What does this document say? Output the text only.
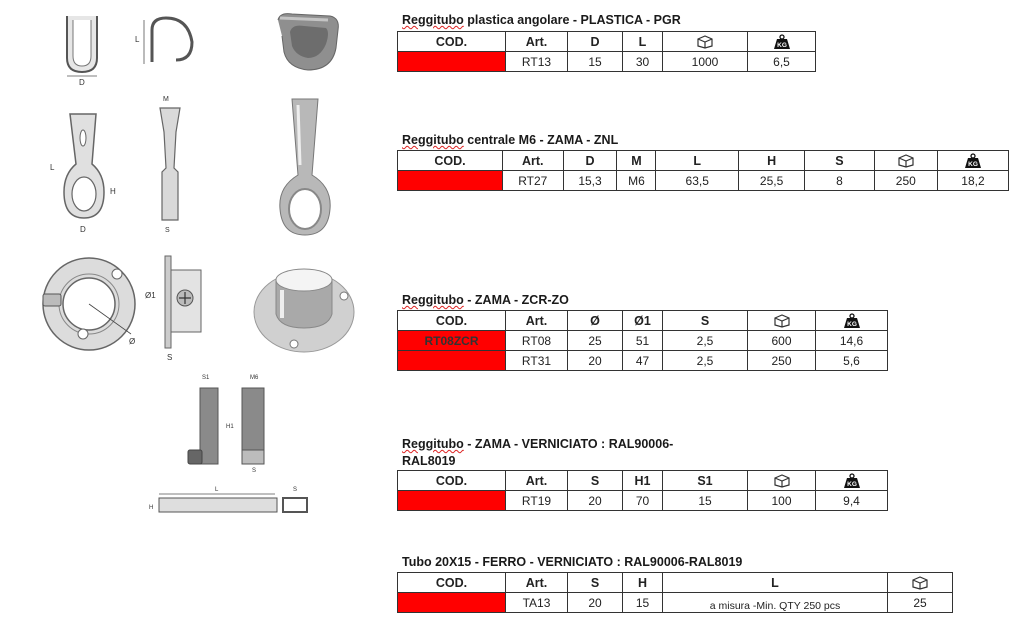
Reggitubo plastica angolare - PLASTICA - PGR
COD.	Art.	D	L		KG

	RT13	15	30	1000	6,5
Reggitubo centrale M6 - ZAMA - ZNL
COD.	Art.	D	M	L	H	S		KG

	RT27	15,3	M6	63,5	25,5	8	250	18,2
Reggitubo - ZAMA - ZCR-ZO
COD.	Art.	Ø	Ø1	S		KG

RT08ZCR	RT08	25	51	2,5	600	14,6
	RT31	20	47	2,5	250	5,6
Reggitubo - ZAMA - VERNICIATO : RAL90006-
RAL8019
COD.	Art.	S	H1	S1		KG

	RT19	20	70	15	100	9,4
Tubo 20X15 - FERRO - VERNICIATO : RAL90006-RAL8019
COD.	Art.	S	H	L	
	TA13	20	15	a misura -Min. QTY 250 pcs	25
D
L
L
H
D
M
S
Ø
Ø1
S
S1	M6
H1
S
L
H
S
